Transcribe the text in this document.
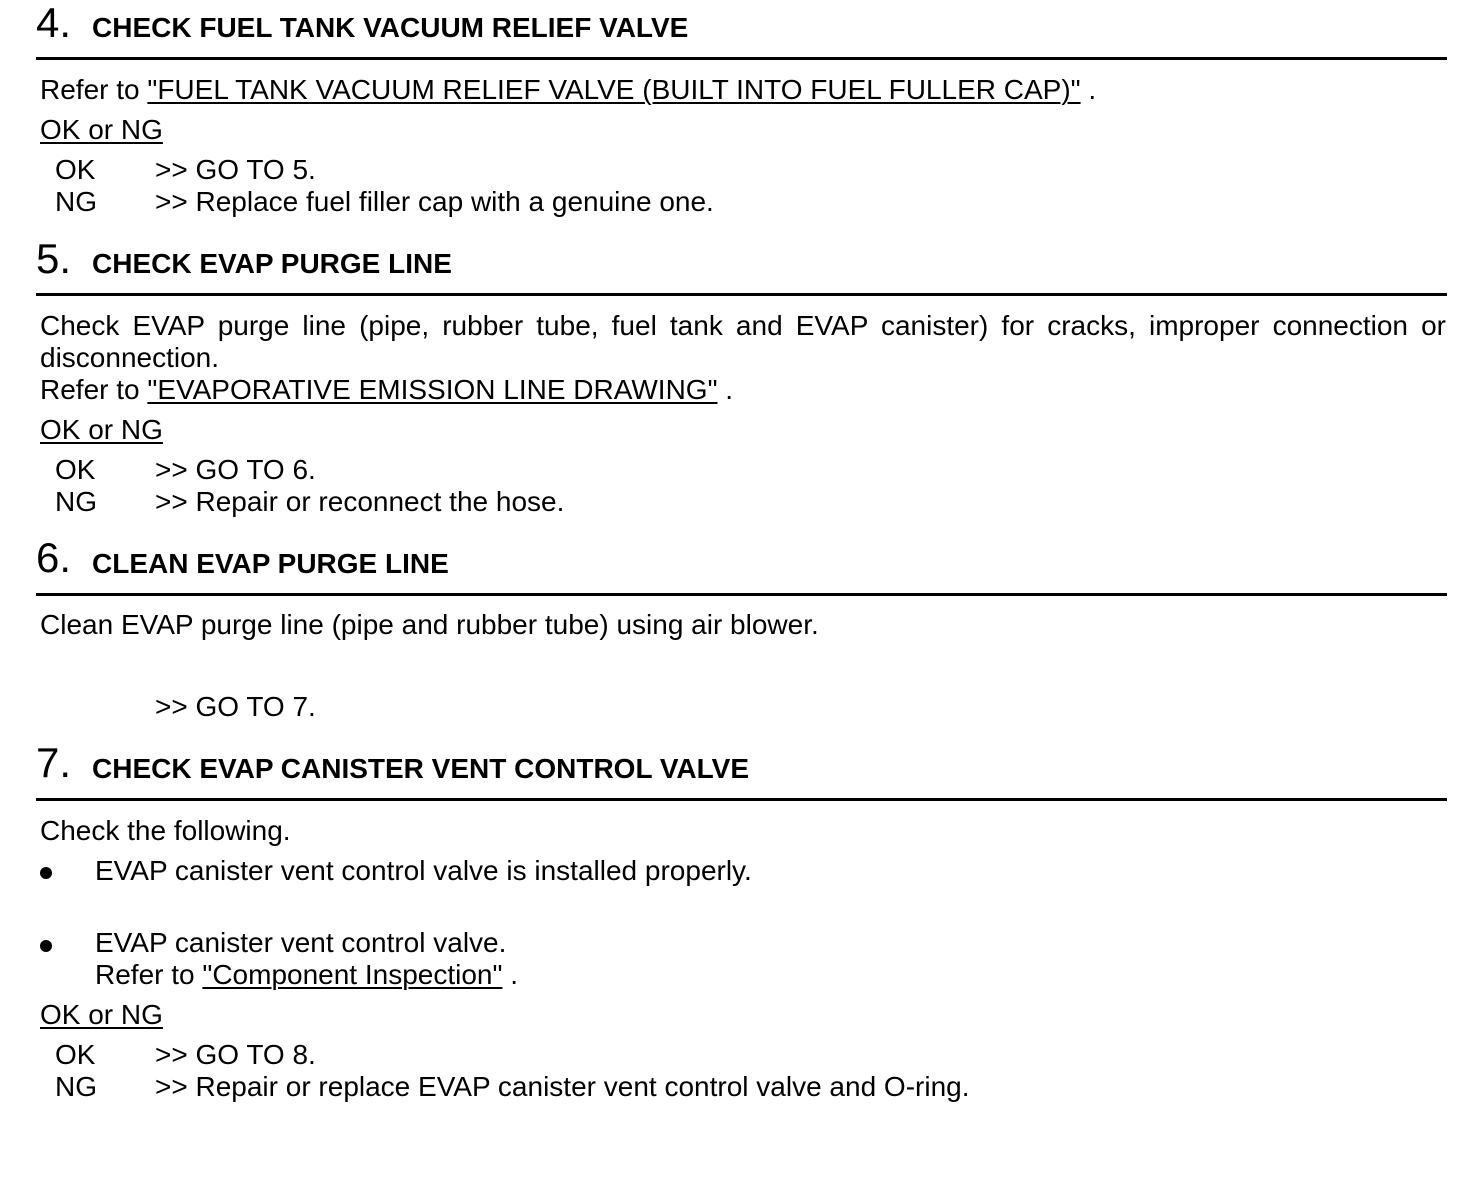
4. CHECK FUEL TANK VACUUM RELIEF VALVE
Refer to "FUEL TANK VACUUM RELIEF VALVE (BUILT INTO FUEL FULLER CAP)" .
OK or NG
OK >> GO TO 5.
NG >> Replace fuel filler cap with a genuine one.
5. CHECK EVAP PURGE LINE
Check EVAP purge line (pipe, rubber tube, fuel tank and EVAP canister) for cracks, improper connection or disconnection.
Refer to "EVAPORATIVE EMISSION LINE DRAWING" .
OK or NG
OK >> GO TO 6.
NG >> Repair or reconnect the hose.
6. CLEAN EVAP PURGE LINE
Clean EVAP purge line (pipe and rubber tube) using air blower.
>> GO TO 7.
7. CHECK EVAP CANISTER VENT CONTROL VALVE
Check the following.
EVAP canister vent control valve is installed properly.
EVAP canister vent control valve.
Refer to "Component Inspection" .
OK or NG
OK >> GO TO 8.
NG >> Repair or replace EVAP canister vent control valve and O-ring.
